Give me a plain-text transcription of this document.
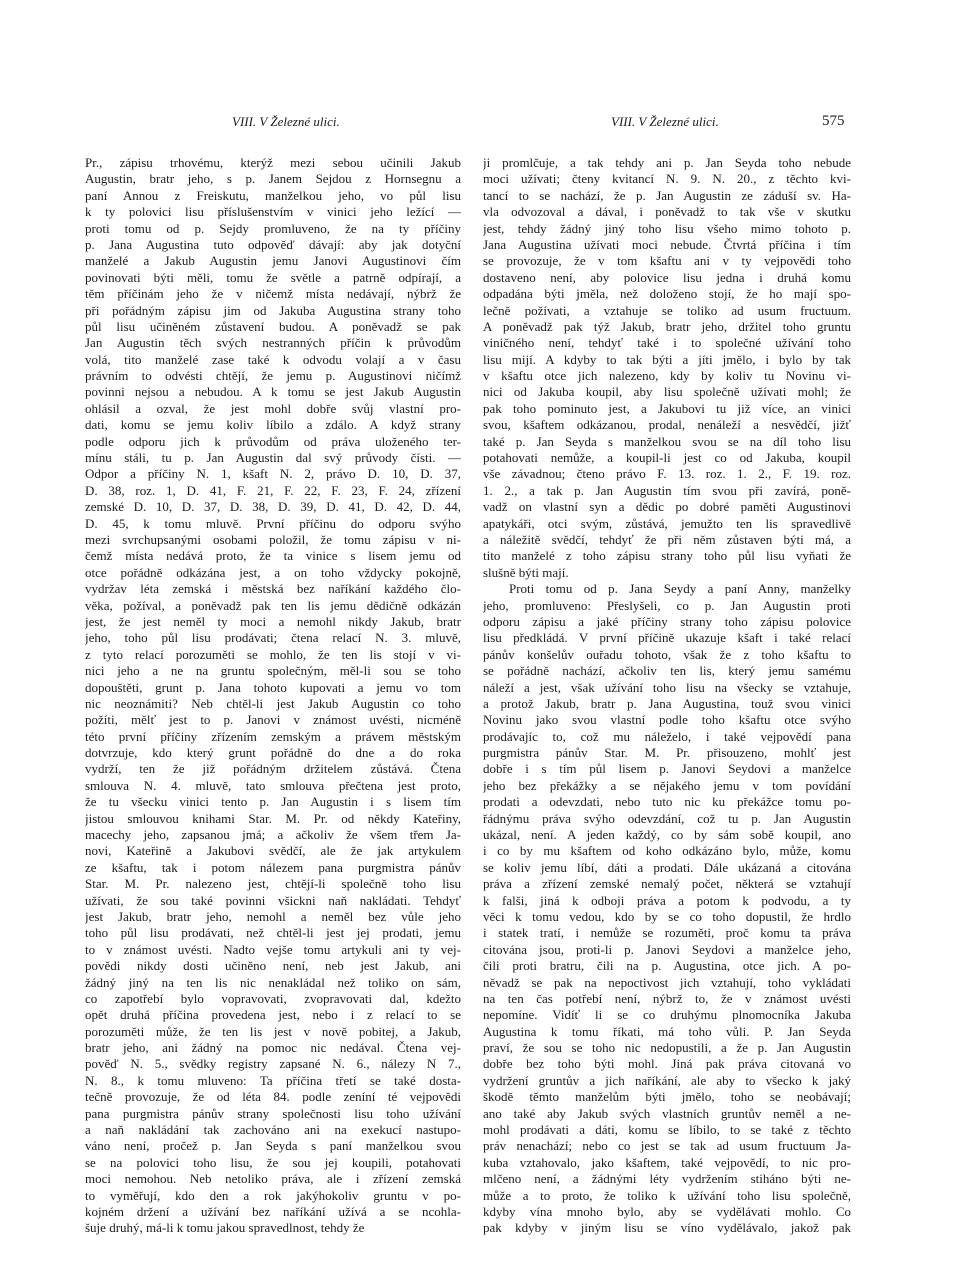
VIII. V Železné ulici.	VIII. V Železné ulici.	575
Pr., zápisu trhovému, kterýž mezi sebou učinili Jakub
Augustin, bratr jeho, s p. Janem Sejdou z Hornsegnu a
paní Annou z Freiskutu, manželkou jeho, vo půl lisu
k ty polovici lisu příslušenstvím v vinici jeho ležící —
proti tomu od p. Sejdy promluveno, že na ty příčiny
p. Jana Augustina tuto odpověď dávají: aby jak dotyční
manželé a Jakub Augustin jemu Janovi Augustinovi čím
povinovati býti měli, tomu že světle a patrně odpírají, a
těm příčinám jeho že v ničemž místa nedávají, nýbrž že
při pořádným zápisu jim od Jakuba Augustina strany toho
půl lisu učiněném zůstavení budou. A poněvadž se pak
Jan Augustin těch svých nestranných příčin k průvodům
volá, tito manželé zase také k odvodu volají a v času
právním to odvésti chtějí, že jemu p. Augustinovi ničímž
povinni nejsou a nebudou. A k tomu se jest Jakub Augustin
ohlásil a ozval, že jest mohl dobře svůj vlastní pro-
dati, komu se jemu koliv líbilo a zdálo. A když strany
podle odporu jich k průvodům od práva uloženého ter-
mínu stáli, tu p. Jan Augustin dal svý průvody čísti. —
Odpor a příčiny N. 1, kšaft N. 2, právo D. 10, D. 37,
D. 38, roz. 1, D. 41, F. 21, F. 22, F. 23, F. 24, zřízení
zemské D. 10, D. 37, D. 38, D. 39, D. 41, D. 42, D. 44,
D. 45, k tomu mluvě. První příčinu do odporu svýho
mezi svrchupsanými osobami položil, že tomu zápisu v ni-
čemž místa nedává proto, že ta vinice s lisem jemu od
otce pořádně odkázána jest, a on toho vždycky pokojně,
vydržav léta zemská i městská bez naříkání každého člo-
věka, požíval, a poněvadž pak ten lis jemu dědičně odkázán
jest, že jest neměl ty moci a nemohl nikdy Jakub, bratr
jeho, toho půl lisu prodávati; čtena relací N. 3. mluvě,
z tyto relací porozuměti se mohlo, že ten lis stojí v vi-
nici jeho a ne na gruntu společným, měl-li sou se toho
dopouštěti, grunt p. Jana tohoto kupovati a jemu vo tom
nic neoznámiti? Neb chtěl-li jest Jakub Augustin co toho
požíti, mělť jest to p. Janovi v známost uvésti, nicméně
této první příčiny zřízením zemským a právem městským
dotvrzuje, kdo který grunt pořádně do dne a do roka
vydrží, ten že již pořádným držitelem zůstává. Čtena
smlouva N. 4. mluvě, tato smlouva přečtena jest proto,
že tu všecku vinici tento p. Jan Augustin i s lisem tím
jistou smlouvou knihami Star. M. Pr. od někdy Kateřiny,
macechy jeho, zapsanou jmá; a ačkoliv že všem třem Ja-
novi, Kateřině a Jakubovi svědčí, ale že jak artykulem
ze kšaftu, tak i potom nálezem pana purgmistra pánův
Star. M. Pr. nalezeno jest, chtějí-li společně toho lisu
užívati, že sou také povinni všickni naň nakládati. Tehdyť
jest Jakub, bratr jeho, nemohl a neměl bez vůle jeho
toho půl lisu prodávati, než chtěl-li jest jej prodati, jemu
to v známost uvésti. Nadto vejše tomu artykuli ani ty vej-
povědi nikdy dosti učiněno není, neb jest Jakub, ani
žádný jiný na ten lis nic nenakládal než toliko on sám,
co zapotřebí bylo vopravovati, zvopravovati dal, kdežto
opět druhá příčina provedena jest, nebo i z relací to se
porozuměti může, že ten lis jest v nově pobitej, a Jakub,
bratr jeho, ani žádný na pomoc nic nedával. Čtena vej-
pověď N. 5., svědky registry zapsané N. 6., nálezy N 7.,
N. 8., k tomu mluveno: Ta příčina třetí se také dosta-
tečně provozuje, že od léta 84. podle zeníní té vejpovědi
pana purgmistra pánův strany společnosti lisu toho užívání
a naň nakládání tak zachováno ani na exekucí nastupo-
váno není, pročež p. Jan Seyda s paní manželkou svou
se na polovici toho lisu, že sou jej koupili, potahovati
moci nemohou. Neb netoliko práva, ale i zřízení zemská
to vyměřují, kdo den a rok jakýhokoliv gruntu v po-
kojném držení a užívání bez naříkání užívá a se ncohla-
šuje druhý, má-li k tomu jakou spravedlnost, tehdy že
ji promlčuje, a tak tehdy ani p. Jan Seyda toho nebude
moci užívati; čteny kvitancí N. 9. N. 20., z těchto kvi-
tancí to se nachází, že p. Jan Augustin ze záduší sv. Ha-
vla odvozoval a dával, i poněvadž to tak vše v skutku
jest, tehdy žádný jiný toho lisu všeho mimo tohoto p.
Jana Augustina užívati moci nebude. Čtvrtá příčina i tím
se provozuje, že v tom kšaftu ani v ty vejpovědi toho
dostaveno není, aby polovice lisu jedna i druhá komu
odpadána býti jměla, než doloženo stojí, že ho mají spo-
lečně požívati, a vztahuje se toliko ad usum fructuum.
A poněvadž pak týž Jakub, bratr jeho, držitel toho gruntu
viničného není, tehdyť také i to společné užívání toho
lisu mijí. A kdyby to tak býti a jíti jmělo, i bylo by tak
v kšaftu otce jich nalezeno, kdy by koliv tu Novinu vi-
nici od Jakuba koupil, aby lisu společně užívati mohl; že
pak toho pominuto jest, a Jakubovi tu již více, an vinici
svou, kšaftem odkázanou, prodal, nenáleží a nesvědčí, jižť
také p. Jan Seyda s manželkou svou se na díl toho lisu
potahovati nemůže, a koupil-li jest co od Jakuba, koupil
vše závadnou; čteno právo F. 13. roz. 1. 2., F. 19. roz.
1. 2., a tak p. Jan Augustin tím svou při zavírá, poně-
vadž on vlastní syn a dědic po dobré paměti Augustinovi
apatykáři, otci svým, zůstává, jemužto ten lis spravedlivě
a náležitě svědčí, tehdyť že při něm zůstaven býti má, a
tito manželé z toho zápisu strany toho půl lisu vyňati že
slušně býti mají.
Proti tomu od p. Jana Seydy a paní Anny, manželky
jeho, promluveno: Přeslyšeli, co p. Jan Augustin proti
odporu zápisu a jaké příčiny strany toho zápisu polovice
lisu předkládá. V první příčině ukazuje kšaft i také relací
pánův konšelův ouřadu tohoto, však že z toho kšaftu to
se pořádně nachází, ačkoliv ten lis, který jemu samému
náleží a jest, však užívání toho lisu na všecky se vztahuje,
a protož Jakub, bratr p. Jana Augustina, touž svou vinici
Novinu jako svou vlastní podle toho kšaftu otce svýho
prodávajíc to, což mu náleželo, i také vejpovědí pana
purgmistra pánův Star. M. Pr. přisouzeno, mohlť jest
dobře i s tím půl lisem p. Janovi Seydovi a manželce
jeho bez překážky a se nějakého jemu v tom povídání
prodati a odevzdati, nebo tuto nic ku překážce tomu po-
řádnýmu práva svýho odevzdání, což tu p. Jan Augustin
ukázal, není. A jeden každý, co by sám sobě koupil, ano
i co by mu kšaftem od koho odkázáno bylo, může, komu
se koliv jemu líbí, dáti a prodati. Dále ukázaná a citována
práva a zřízení zemské nemalý počet, některá se vztahují
k falši, jiná k odboji práva a potom k podvodu, a ty
věci k tomu vedou, kdo by se co toho dopustil, že hrdlo
i statek tratí, i nemůže se rozuměti, proč komu ta práva
citována jsou, proti-li p. Janovi Seydovi a manželce jeho,
čili proti bratru, čili na p. Augustina, otce jich. A po-
něvadž se pak na nepoctivost jich vztahují, toho vykládati
na ten čas potřebí není, nýbrž to, že v známost uvésti
nepomíne. Vidíť li se co druhýmu plnomocníka Jakuba
Augustina k tomu říkati, má toho vůli. P. Jan Seyda
praví, že sou se toho nic nedopustili, a že p. Jan Augustin
dobře bez toho býti mohl. Jiná pak práva citovaná vo
vydržení gruntův a jich naříkání, ale aby to všecko k jaký
škodě těmto manželům býti jmělo, toho se neobávají;
ano také aby Jakub svých vlastních gruntův neměl a ne-
mohl prodávati a dáti, komu se líbilo, to se také z těchto
práv nenachází; nebo co jest se tak ad usum fructuum Ja-
kuba vztahovalo, jako kšaftem, také vejpovědí, to nic pro-
mlčeno není, a žádnými léty vydržením stiháno býti ne-
může a to proto, že toliko k užívání toho lisu společně,
kdyby vína mnoho bylo, aby se vydělávati mohlo. Co
pak kdyby v jiným lisu se víno vydělávalo, jakož pak
